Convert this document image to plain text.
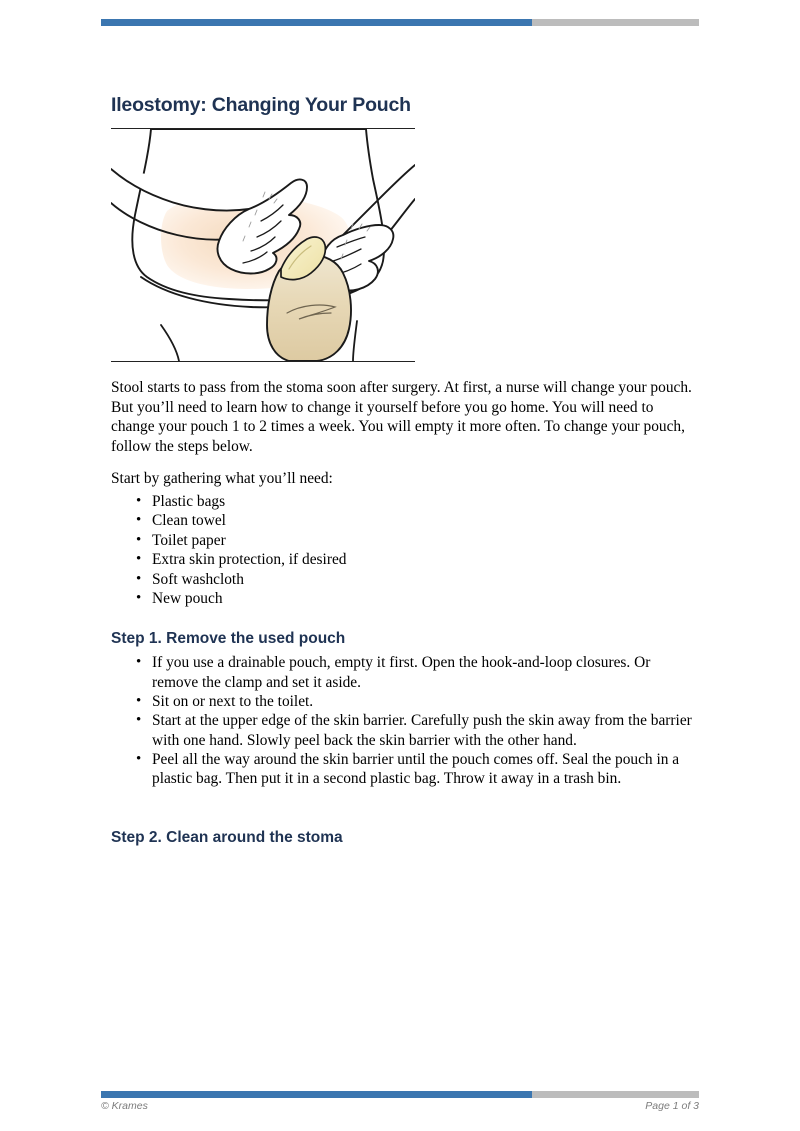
Ileostomy: Changing Your Pouch

Stool starts to pass from the stoma soon after surgery. At first, a nurse will change your pouch. But you’ll need to learn how to change it yourself before you go home. You will need to change your pouch 1 to 2 times a week. You will empty it more often. To change your pouch, follow the steps below.

Start by gathering what you’ll need:

• Plastic bags
• Clean towel
• Toilet paper
• Extra skin protection, if desired
• Soft washcloth
• New pouch
Step 1. Remove the used pouch
• If you use a drainable pouch, empty it first. Open the hook-and-loop closures. Or remove the clamp and set it aside.
• Sit on or next to the toilet.
• Start at the upper edge of the skin barrier. Carefully push the skin away from the barrier with one hand. Slowly peel back the skin barrier with the other hand.
• Peel all the way around the skin barrier until the pouch comes off. Seal the pouch in a plastic bag. Then put it in a second plastic bag. Throw it away in a trash bin.
Step 2. Clean around the stoma
© Krames	Page 1 of 3
